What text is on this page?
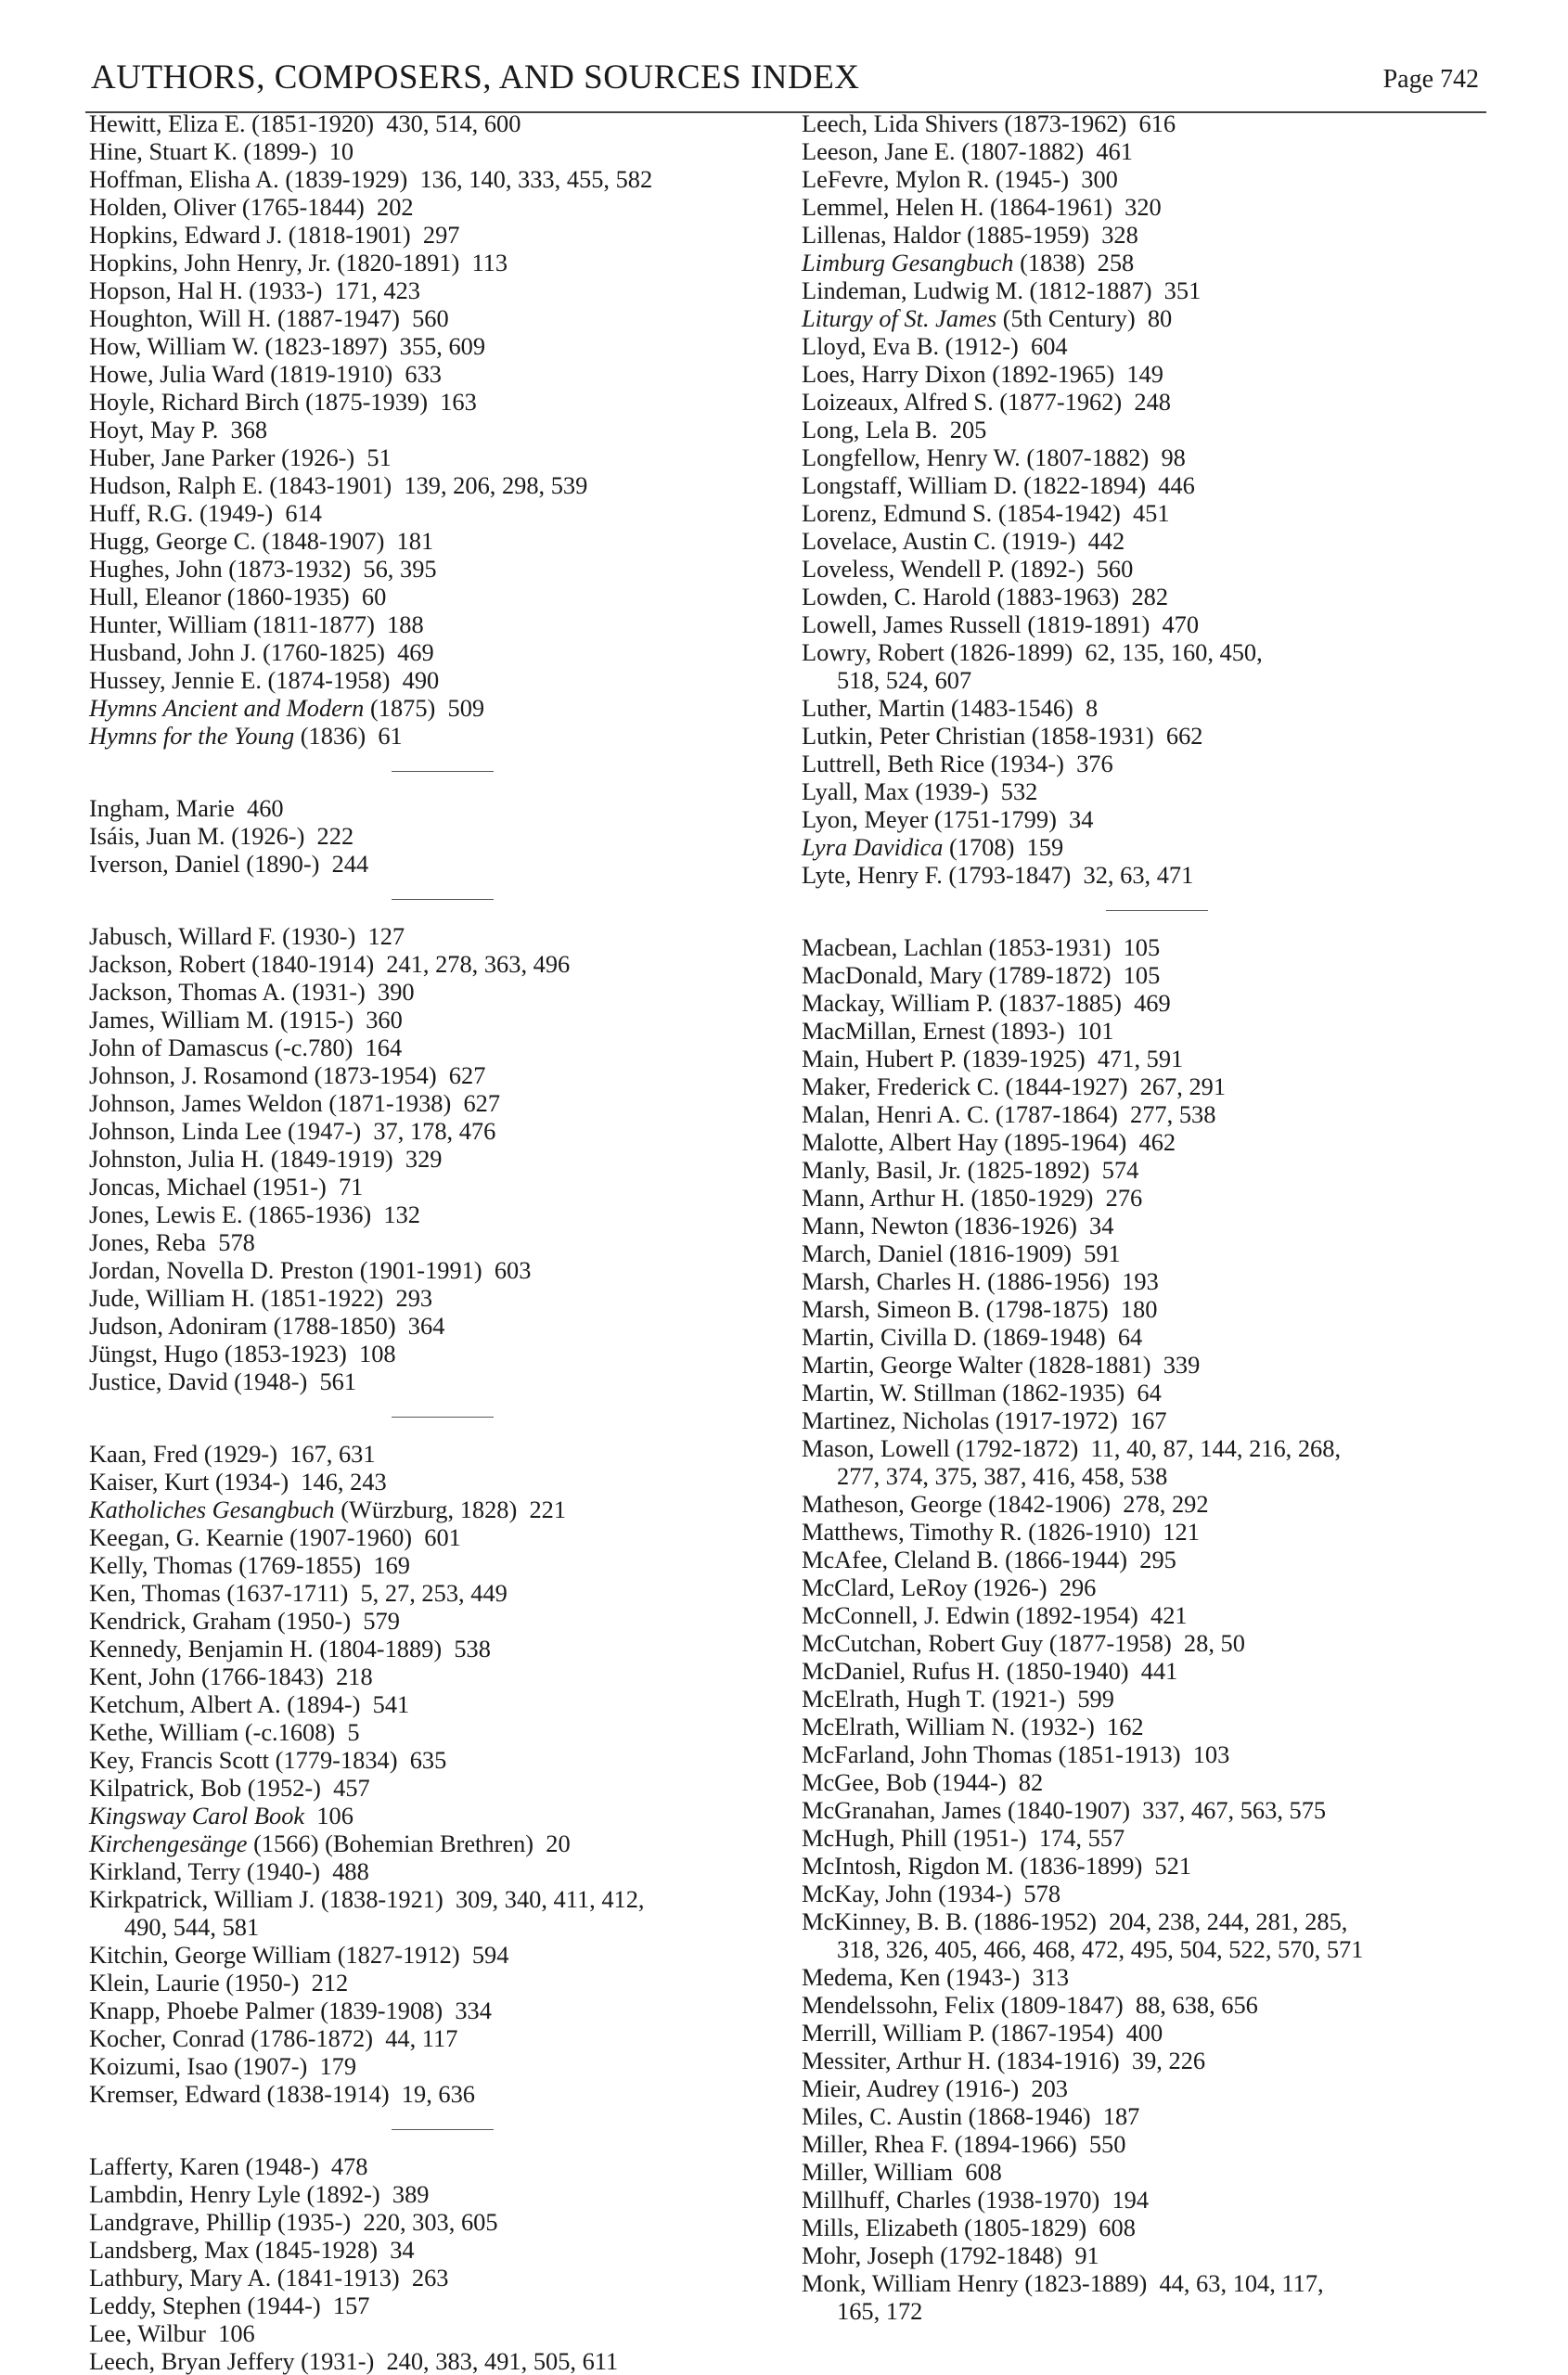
AUTHORS, COMPOSERS, AND SOURCES INDEX	Page 742
Hewitt, Eliza E. (1851-1920)  430, 514, 600
Hine, Stuart K. (1899-)  10
Hoffman, Elisha A. (1839-1929)  136, 140, 333, 455, 582
Holden, Oliver (1765-1844)  202
Hopkins, Edward J. (1818-1901)  297
Hopkins, John Henry, Jr. (1820-1891)  113
Hopson, Hal H. (1933-)  171, 423
Houghton, Will H. (1887-1947)  560
How, William W. (1823-1897)  355, 609
Howe, Julia Ward (1819-1910)  633
Hoyle, Richard Birch (1875-1939)  163
Hoyt, May P.  368
Huber, Jane Parker (1926-)  51
Hudson, Ralph E. (1843-1901)  139, 206, 298, 539
Huff, R.G. (1949-)  614
Hugg, George C. (1848-1907)  181
Hughes, John (1873-1932)  56, 395
Hull, Eleanor (1860-1935)  60
Hunter, William (1811-1877)  188
Husband, John J. (1760-1825)  469
Hussey, Jennie E. (1874-1958)  490
Hymns Ancient and Modern (1875)  509
Hymns for the Young (1836)  61
Ingham, Marie  460
Isáis, Juan M. (1926-)  222
Iverson, Daniel (1890-)  244
Jabusch, Willard F. (1930-)  127
Jackson, Robert (1840-1914)  241, 278, 363, 496
Jackson, Thomas A. (1931-)  390
James, William M. (1915-)  360
John of Damascus (-c.780)  164
Johnson, J. Rosamond (1873-1954)  627
Johnson, James Weldon (1871-1938)  627
Johnson, Linda Lee (1947-)  37, 178, 476
Johnston, Julia H. (1849-1919)  329
Joncas, Michael (1951-)  71
Jones, Lewis E. (1865-1936)  132
Jones, Reba  578
Jordan, Novella D. Preston (1901-1991)  603
Jude, William H. (1851-1922)  293
Judson, Adoniram (1788-1850)  364
Jüngst, Hugo (1853-1923)  108
Justice, David (1948-)  561
Kaan, Fred (1929-)  167, 631
Kaiser, Kurt (1934-)  146, 243
Katholiches Gesangbuch (Würzburg, 1828)  221
Keegan, G. Kearnie (1907-1960)  601
Kelly, Thomas (1769-1855)  169
Ken, Thomas (1637-1711)  5, 27, 253, 449
Kendrick, Graham (1950-)  579
Kennedy, Benjamin H. (1804-1889)  538
Kent, John (1766-1843)  218
Ketchum, Albert A. (1894-)  541
Kethe, William (-c.1608)  5
Key, Francis Scott (1779-1834)  635
Kilpatrick, Bob (1952-)  457
Kingsway Carol Book  106
Kirchengesänge (1566) (Bohemian Brethren)  20
Kirkland, Terry (1940-)  488
Kirkpatrick, William J. (1838-1921)  309, 340, 411, 412,
490, 544, 581
Kitchin, George William (1827-1912)  594
Klein, Laurie (1950-)  212
Knapp, Phoebe Palmer (1839-1908)  334
Kocher, Conrad (1786-1872)  44, 117
Koizumi, Isao (1907-)  179
Kremser, Edward (1838-1914)  19, 636
Lafferty, Karen (1948-)  478
Lambdin, Henry Lyle (1892-)  389
Landgrave, Phillip (1935-)  220, 303, 605
Landsberg, Max (1845-1928)  34
Lathbury, Mary A. (1841-1913)  263
Leddy, Stephen (1944-)  157
Lee, Wilbur  106
Leech, Bryan Jeffery (1931-)  240, 383, 491, 505, 611
Leech, Lida Shivers (1873-1962)  616
Leeson, Jane E. (1807-1882)  461
LeFevre, Mylon R. (1945-)  300
Lemmel, Helen H. (1864-1961)  320
Lillenas, Haldor (1885-1959)  328
Limburg Gesangbuch (1838)  258
Lindeman, Ludwig M. (1812-1887)  351
Liturgy of St. James (5th Century)  80
Lloyd, Eva B. (1912-)  604
Loes, Harry Dixon (1892-1965)  149
Loizeaux, Alfred S. (1877-1962)  248
Long, Lela B.  205
Longfellow, Henry W. (1807-1882)  98
Longstaff, William D. (1822-1894)  446
Lorenz, Edmund S. (1854-1942)  451
Lovelace, Austin C. (1919-)  442
Loveless, Wendell P. (1892-)  560
Lowden, C. Harold (1883-1963)  282
Lowell, James Russell (1819-1891)  470
Lowry, Robert (1826-1899)  62, 135, 160, 450,
518, 524, 607
Luther, Martin (1483-1546)  8
Lutkin, Peter Christian (1858-1931)  662
Luttrell, Beth Rice (1934-)  376
Lyall, Max (1939-)  532
Lyon, Meyer (1751-1799)  34
Lyra Davidica (1708)  159
Lyte, Henry F. (1793-1847)  32, 63, 471
Macbean, Lachlan (1853-1931)  105
MacDonald, Mary (1789-1872)  105
Mackay, William P. (1837-1885)  469
MacMillan, Ernest (1893-)  101
Main, Hubert P. (1839-1925)  471, 591
Maker, Frederick C. (1844-1927)  267, 291
Malan, Henri A. C. (1787-1864)  277, 538
Malotte, Albert Hay (1895-1964)  462
Manly, Basil, Jr. (1825-1892)  574
Mann, Arthur H. (1850-1929)  276
Mann, Newton (1836-1926)  34
March, Daniel (1816-1909)  591
Marsh, Charles H. (1886-1956)  193
Marsh, Simeon B. (1798-1875)  180
Martin, Civilla D. (1869-1948)  64
Martin, George Walter (1828-1881)  339
Martin, W. Stillman (1862-1935)  64
Martinez, Nicholas (1917-1972)  167
Mason, Lowell (1792-1872)  11, 40, 87, 144, 216, 268,
277, 374, 375, 387, 416, 458, 538
Matheson, George (1842-1906)  278, 292
Matthews, Timothy R. (1826-1910)  121
McAfee, Cleland B. (1866-1944)  295
McClard, LeRoy (1926-)  296
McConnell, J. Edwin (1892-1954)  421
McCutchan, Robert Guy (1877-1958)  28, 50
McDaniel, Rufus H. (1850-1940)  441
McElrath, Hugh T. (1921-)  599
McElrath, William N. (1932-)  162
McFarland, John Thomas (1851-1913)  103
McGee, Bob (1944-)  82
McGranahan, James (1840-1907)  337, 467, 563, 575
McHugh, Phill (1951-)  174, 557
McIntosh, Rigdon M. (1836-1899)  521
McKay, John (1934-)  578
McKinney, B. B. (1886-1952)  204, 238, 244, 281, 285,
318, 326, 405, 466, 468, 472, 495, 504, 522, 570, 571
Medema, Ken (1943-)  313
Mendelssohn, Felix (1809-1847)  88, 638, 656
Merrill, William P. (1867-1954)  400
Messiter, Arthur H. (1834-1916)  39, 226
Mieir, Audrey (1916-)  203
Miles, C. Austin (1868-1946)  187
Miller, Rhea F. (1894-1966)  550
Miller, William  608
Millhuff, Charles (1938-1970)  194
Mills, Elizabeth (1805-1829)  608
Mohr, Joseph (1792-1848)  91
Monk, William Henry (1823-1889)  44, 63, 104, 117,
165, 172
